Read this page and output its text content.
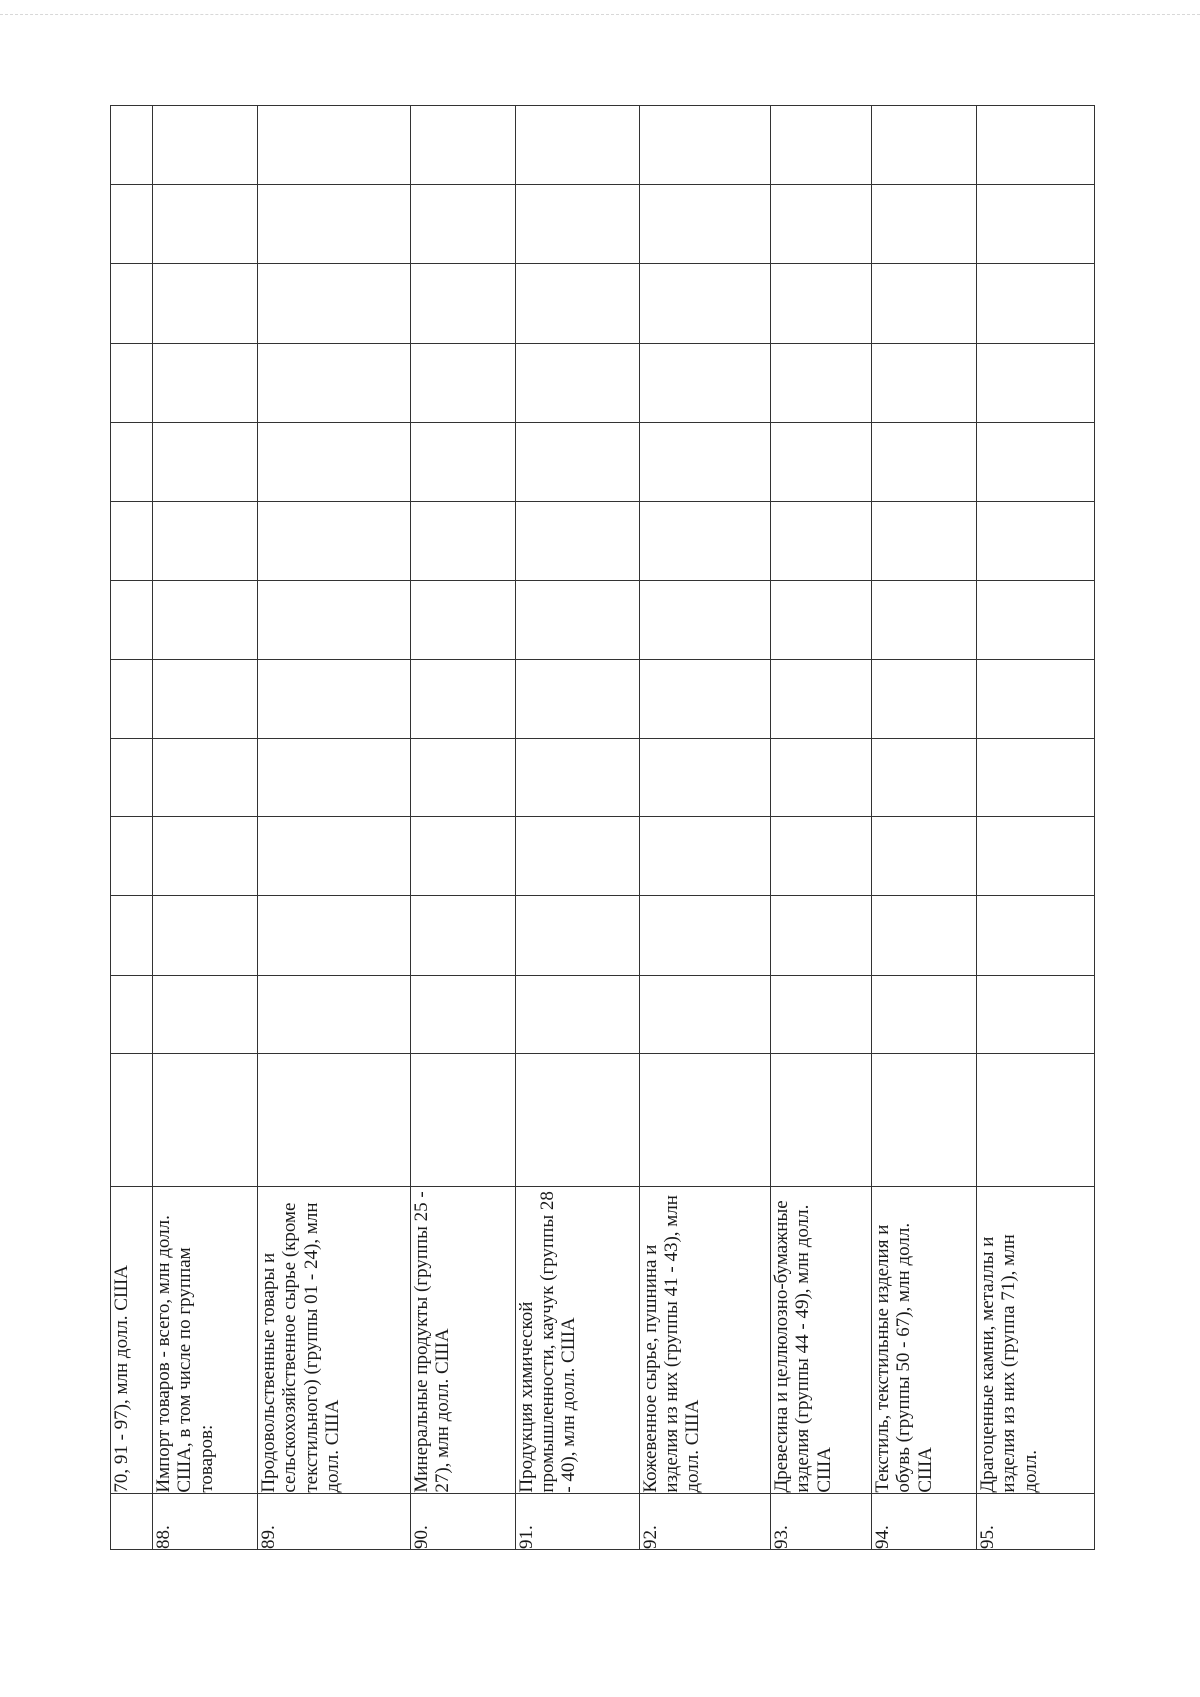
	70, 91 - 97), млн долл. США													
88.	Импорт товаров - всего, млн долл. США, в том числе по группам товаров:													
89.	Продовольственные товары и сельскохозяйственное сырье (кроме текстильного) (группы 01 - 24), млн долл. США													
90.	Минеральные продукты (группы 25 - 27), млн долл. США													
91.	Продукция химической промышленности, каучук (группы 28 - 40), млн долл. США													
92.	Кожевенное сырье, пушнина и изделия из них (группы 41 - 43), млн долл. США													
93.	Древесина и целлюлозно-бумажные изделия (группы 44 - 49), млн долл. США													
94.	Текстиль, текстильные изделия и обувь (группы 50 - 67), млн долл. США													
95.	Драгоценные камни, металлы и изделия из них (группа 71), млн долл.													
